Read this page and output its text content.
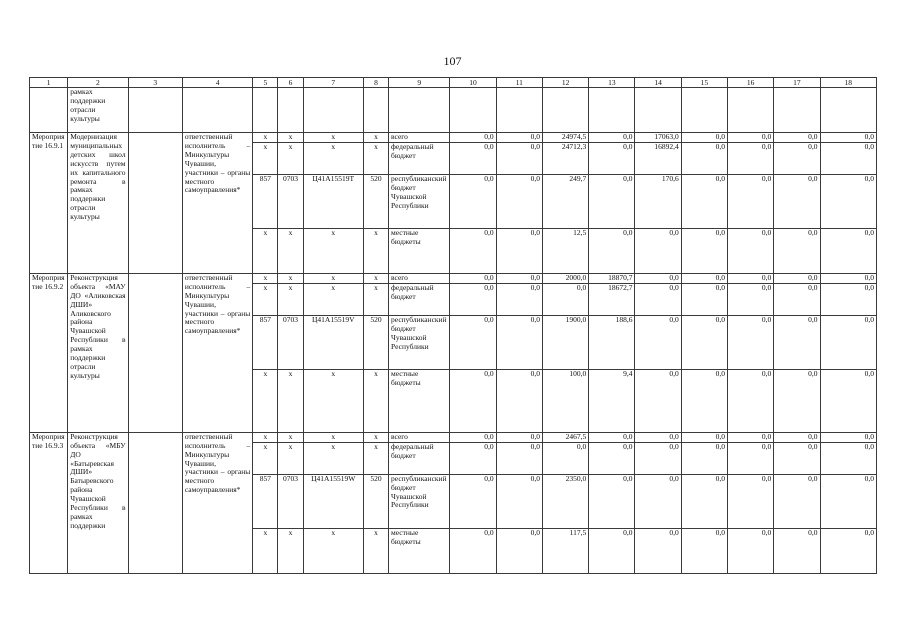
107
1	2	3	4	5	6	7	8	9	10	11	12	13	14	15	16	17	18
	рамках поддержки отрасли культуры																
Мероприятие 16.9.1	Модернизация муниципальных детских школ искусств путем их капитального ремонта в рамках поддержки отрасли культуры		ответственный исполнитель – Минкультуры Чувашии, участники – органы местного самоуправления*	x	x	x	x	всего	0,0	0,0	24974,5	0,0	17063,0	0,0	0,0	0,0	0,0
				x	x	x	x	федеральный бюджет	0,0	0,0	24712,3	0,0	16892,4	0,0	0,0	0,0	0,0
				857	0703	Ц41А15519Т	520	республиканский бюджет Чувашской Республики	0,0	0,0	249,7	0,0	170,6	0,0	0,0	0,0	0,0
				x	x	x	x	местные бюджеты	0,0	0,0	12,5	0,0	0,0	0,0	0,0	0,0	0,0
Мероприятие 16.9.2	Реконструкция объекта «МАУ ДО «Аликовская ДШИ» Аликовского района Чувашской Республики в рамках поддержки отрасли культуры		ответственный исполнитель – Минкультуры Чувашии, участники – органы местного самоуправления*	x	x	x	x	всего	0,0	0,0	2000,0	18870,7	0,0	0,0	0,0	0,0	0,0
				x	x	x	x	федеральный бюджет	0,0	0,0	0,0	18672,7	0,0	0,0	0,0	0,0	0,0
				857	0703	Ц41А15519V	520	республиканский бюджет Чувашской Республики	0,0	0,0	1900,0	188,6	0,0	0,0	0,0	0,0	0,0
				x	x	x	x	местные бюджеты	0,0	0,0	100,0	9,4	0,0	0,0	0,0	0,0	0,0
Мероприятие 16.9.3	Реконструкция объекта «МБУ ДО «Батыревская ДШИ» Батыревского района Чувашской Республики в рамках поддержки		ответственный исполнитель – Минкультуры Чувашии, участники – органы местного самоуправления*	x	x	x	x	всего	0,0	0,0	2467,5	0,0	0,0	0,0	0,0	0,0	0,0
				x	x	x	x	федеральный бюджет	0,0	0,0	0,0	0,0	0,0	0,0	0,0	0,0	0,0
				857	0703	Ц41А15519W	520	республиканский бюджет Чувашской Республики	0,0	0,0	2350,0	0,0	0,0	0,0	0,0	0,0	0,0
				x	x	x	x	местные бюджеты	0,0	0,0	117,5	0,0	0,0	0,0	0,0	0,0	0,0
